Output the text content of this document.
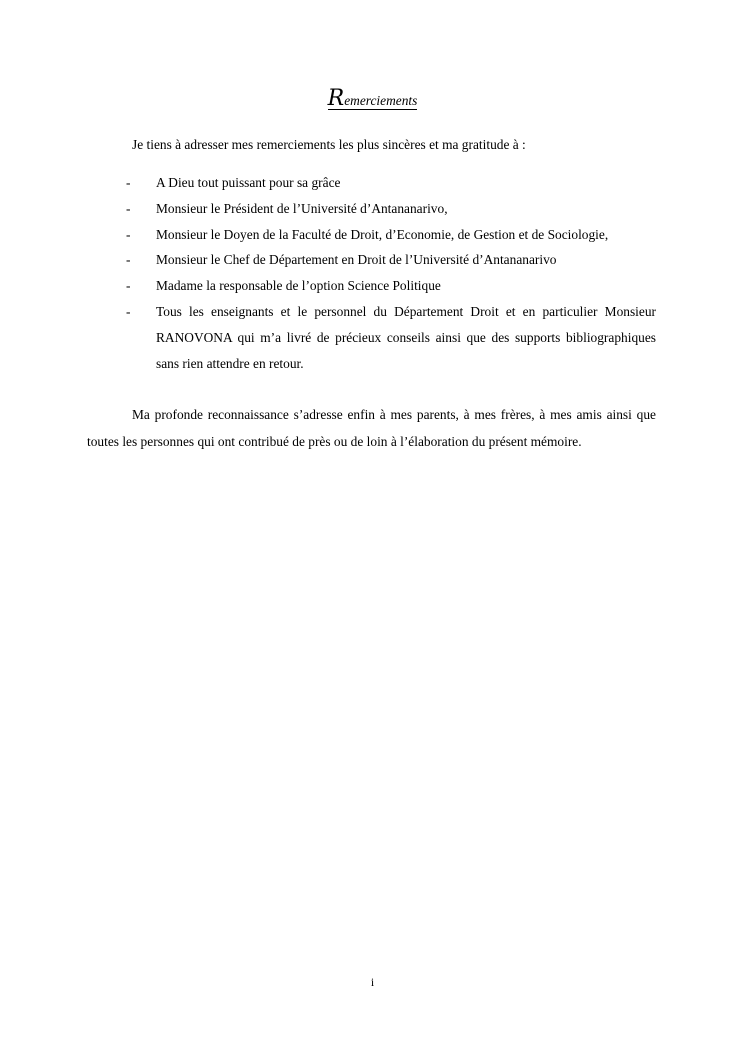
Remerciements
Je tiens à adresser mes remerciements les plus sincères et ma gratitude à :
- A Dieu tout puissant pour sa grâce
- Monsieur le Président de l’Université d’Antananarivo,
- Monsieur le Doyen de la Faculté de Droit, d’Economie, de Gestion et de Sociologie,
- Monsieur le Chef de Département en Droit de l’Université d’Antananarivo
- Madame la responsable de l’option Science Politique
- Tous les enseignants et le personnel du Département Droit et en particulier Monsieur RANOVONA qui m’a livré de précieux conseils ainsi que des supports bibliographiques sans rien attendre en retour.

Ma profonde reconnaissance s’adresse enfin à mes parents, à mes frères, à mes amis ainsi que toutes les personnes qui ont contribué de près ou de loin à l’élaboration du présent mémoire.

i
